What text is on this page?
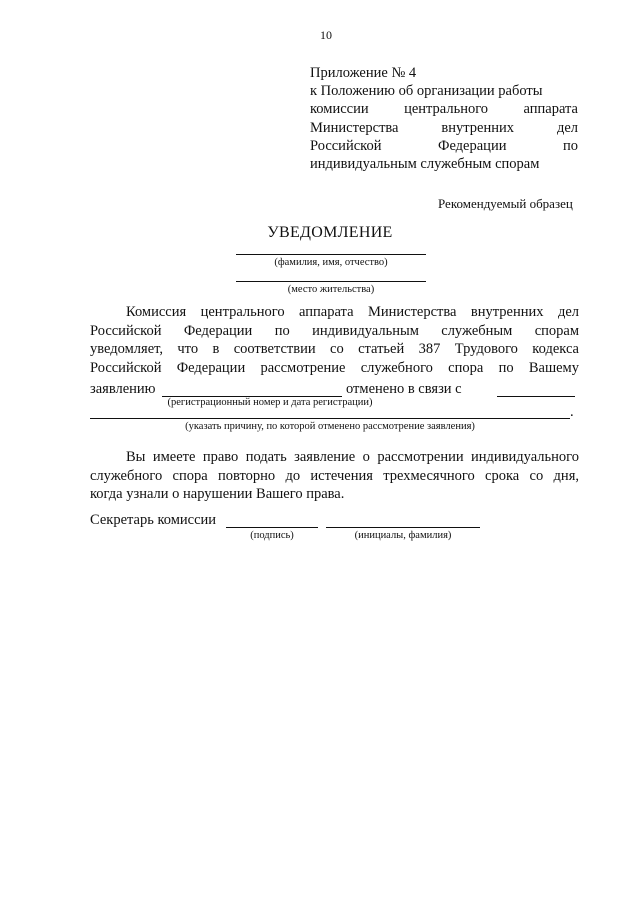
10
Приложение № 4
к Положению об организации работы
комиссии центрального аппарата
Министерства	внутренних	дел
Российской	Федерации	по
индивидуальным служебным спорам
Рекомендуемый образец
УВЕДОМЛЕНИЕ
(фамилия, имя, отчество)
(место жительства)
Комиссия центрального аппарата Министерства внутренних дел
Российской Федерации по индивидуальным служебным спорам
уведомляет, что в соответствии со статьей 387 Трудового кодекса
Российской Федерации рассмотрение служебного спора по Вашему
заявлению	отменено в связи с
(регистрационный номер и дата регистрации)
.
(указать причину, по которой отменено рассмотрение заявления)
Вы имеете право подать заявление о рассмотрении индивидуального
служебного спора повторно до истечения трехмесячного срока со дня,
когда узнали о нарушении Вашего права.
Секретарь комиссии
(подпись)	(инициалы, фамилия)
